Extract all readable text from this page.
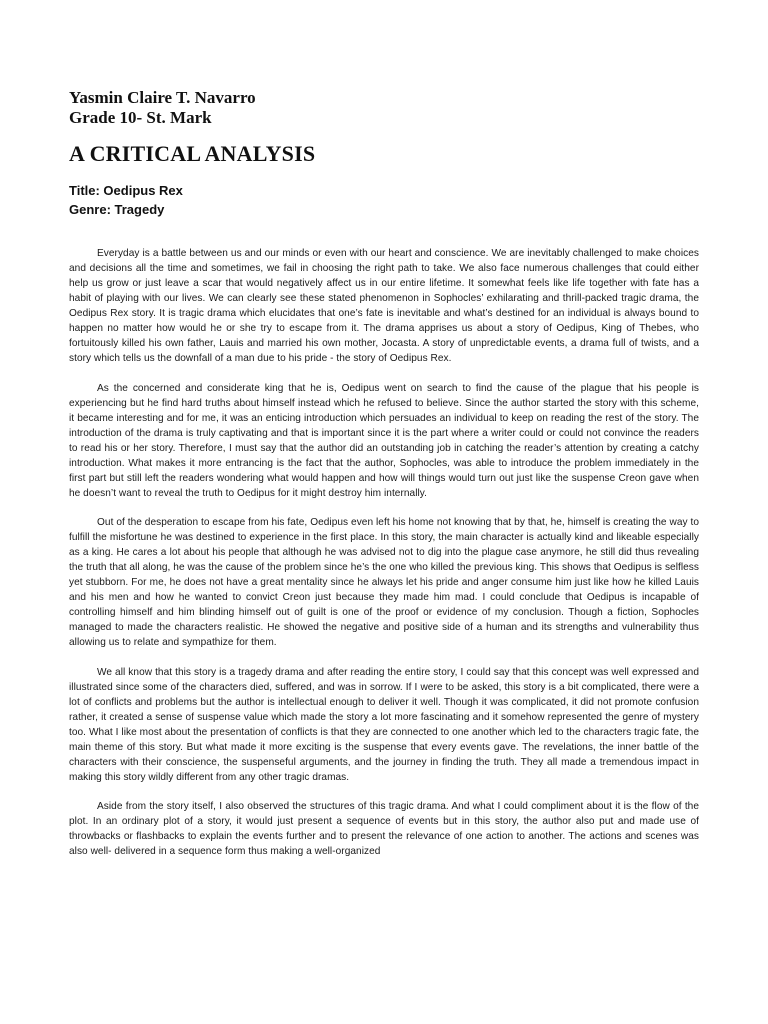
Yasmin Claire T. Navarro

Grade 10- St. Mark

A CRITICAL ANALYSIS

Title: Oedipus Rex

Genre: Tragedy

Everyday is a battle between us and our minds or even with our heart and conscience. We are inevitably challenged to make choices and decisions all the time and sometimes, we fail in choosing the right path to take. We also face numerous challenges that could either help us grow or just leave a scar that would negatively affect us in our entire lifetime. It somewhat feels like life together with fate has a habit of playing with our lives. We can clearly see these stated phenomenon in Sophocles’ exhilarating and thrill-packed tragic drama, the Oedipus Rex story. It is tragic drama which elucidates that one’s fate is inevitable and what’s destined for an individual is always bound to happen no matter how would he or she try to escape from it. The drama apprises us about a story of Oedipus, King of Thebes, who fortuitously killed his own father, Lauis and married his own mother, Jocasta. A story of unpredictable events, a drama full of twists, and a story which tells us the downfall of a man due to his pride - the story of Oedipus Rex.

As the concerned and considerate king that he is, Oedipus went on search to find the cause of the plague that his people is experiencing but he find hard truths about himself instead which he refused to believe. Since the author started the story with this scheme, it became interesting and for me, it was an enticing introduction which persuades an individual to keep on reading the rest of the story. The introduction of the drama is truly captivating and that is important since it is the part where a writer could or could not convince the readers to read his or her story. Therefore, I must say that the author did an outstanding job in catching the reader’s attention by creating a catchy introduction. What makes it more entrancing is the fact that the author, Sophocles, was able to introduce the problem immediately in the first part but still left the readers wondering what would happen and how will things would turn out just like the suspense Creon gave when he doesn’t want to reveal the truth to Oedipus for it might destroy him internally.

Out of the desperation to escape from his fate, Oedipus even left his home not knowing that by that, he, himself is creating the way to fulfill the misfortune he was destined to experience in the first place. In this story, the main character is actually kind and likeable especially as a king. He cares a lot about his people that although he was advised not to dig into the plague case anymore, he still did thus revealing the truth that all along, he was the cause of the problem since he’s the one who killed the previous king. This shows that Oedipus is selfless yet stubborn. For me, he does not have a great mentality since he always let his pride and anger consume him just like how he killed Lauis and his men and how he wanted to convict Creon just because they made him mad. I could conclude that Oedipus is incapable of controlling himself and him blinding himself out of guilt is one of the proof or evidence of my conclusion. Though a fiction, Sophocles managed to made the characters realistic. He showed the negative and positive side of a human and its strengths and vulnerability thus allowing us to relate and sympathize for them.

We all know that this story is a tragedy drama and after reading the entire story, I could say that this concept was well expressed and illustrated since some of the characters died, suffered, and was in sorrow. If I were to be asked, this story is a bit complicated, there were a lot of conflicts and problems but the author is intellectual enough to deliver it well. Though it was complicated, it did not promote confusion rather, it created a sense of suspense value which made the story a lot more fascinating and it somehow represented the genre of mystery too. What I like most about the presentation of conflicts is that they are connected to one another which led to the characters tragic fate, the main theme of this story. But what made it more exciting is the suspense that every events gave. The revelations, the inner battle of the characters with their conscience, the suspenseful arguments, and the journey in finding the truth. They all made a tremendous impact in making this story wildly different from any other tragic dramas.

Aside from the story itself, I also observed the structures of this tragic drama. And what I could compliment about it is the flow of the plot. In an ordinary plot of a story, it would just present a sequence of events but in this story, the author also put and made use of throwbacks or flashbacks to explain the events further and to present the relevance of one action to another. The actions and scenes was also well- delivered in a sequence form thus making a well-organized
